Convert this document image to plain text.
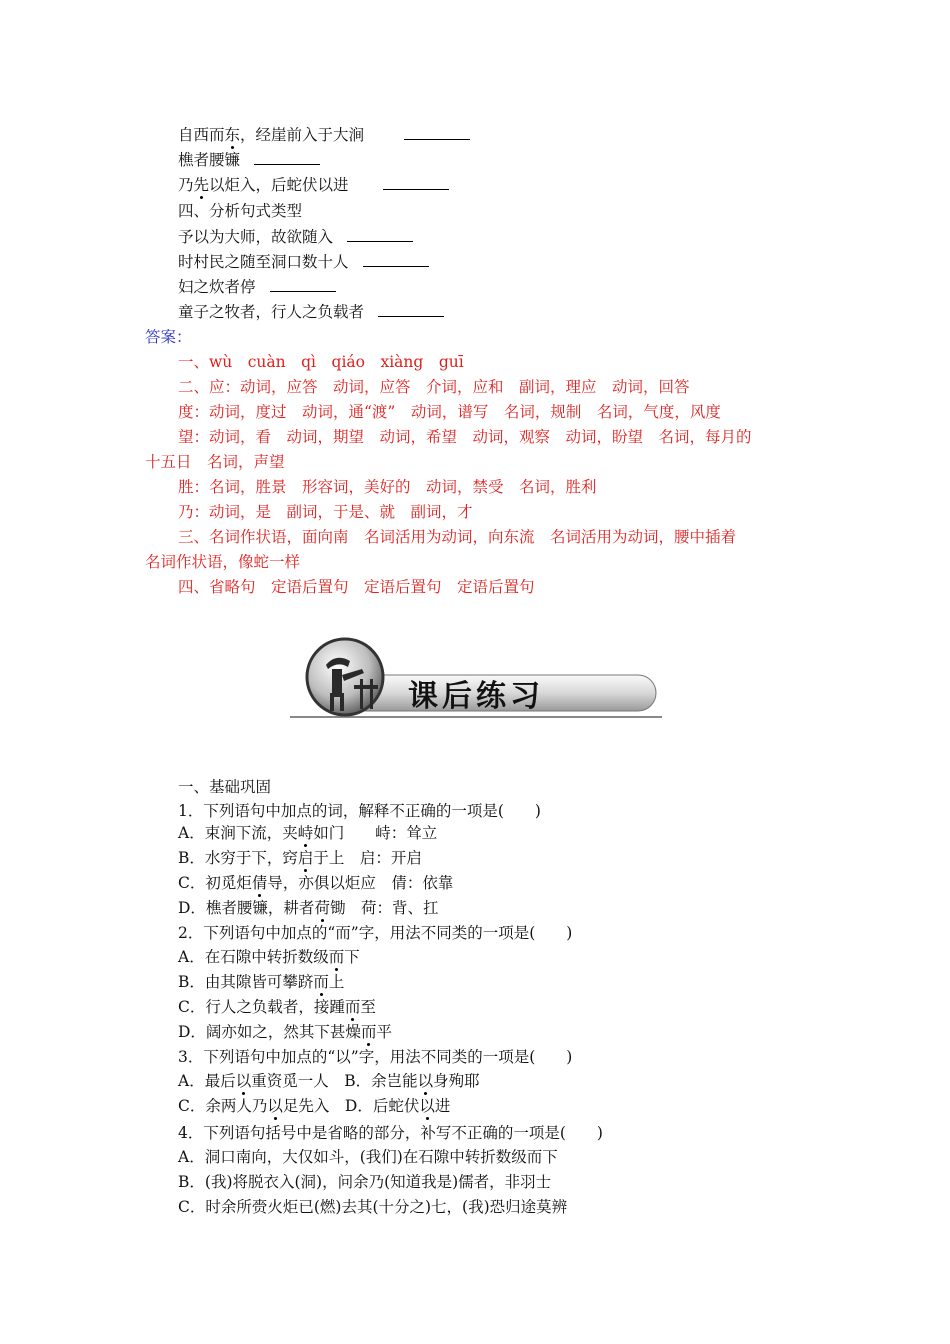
自西而东，经崖前入于大涧
樵者腰镰
乃先以炬入，后蛇伏以进
四、分析句式类型
予以为大师，故欲随入
时村民之随至洞口数十人
妇之炊者停
童子之牧者，行人之负载者
答案：
一、wù　cuàn　qì　qiáo　xiàng　guī
二、应：动词，应答　动词，应答　介词，应和　副词，理应　动词，回答
度：动词，度过　动词，通“渡”　动词，谱写　名词，规制　名词，气度，风度
望：动词，看　动词，期望　动词，希望　动词，观察　动词，盼望　名词，每月的
十五日　名词，声望
胜：名词，胜景　形容词，美好的　动词，禁受　名词，胜利
乃：动词，是　副词，于是、就　副词，才
三、名词作状语，面向南　名词活用为动词，向东流　名词活用为动词，腰中插着
名词作状语，像蛇一样
四、省略句　定语后置句　定语后置句　定语后置句
课后练习
一、基础巩固
1．下列语句中加点的词，解释不正确的一项是(　　)
A．束涧下流，夹峙如门　　峙：耸立
B．水穷于下，窍启于上　启：开启
C．初觅炬倩导，亦俱以炬应　倩：依靠
D．樵者腰镰，耕者荷锄　荷：背、扛
2．下列语句中加点的“而”字，用法不同类的一项是(　　)
A．在石隙中转折数级而下
B．由其隙皆可攀跻而上
C．行人之负载者，接踵而至
D．阔亦如之，然其下甚燥而平
3．下列语句中加点的“以”字，用法不同类的一项是(　　)
A．最后以重资觅一人　B．余岂能以身殉耶
C．余两人乃以足先入　D．后蛇伏以进
4．下列语句括号中是省略的部分，补写不正确的一项是(　　)
A．洞口南向，大仅如斗，(我们)在石隙中转折数级而下
B．(我)将脱衣入(洞)，问余乃(知道我是)儒者，非羽士
C．时余所赍火炬已(燃)去其(十分之)七，(我)恐归途莫辨
